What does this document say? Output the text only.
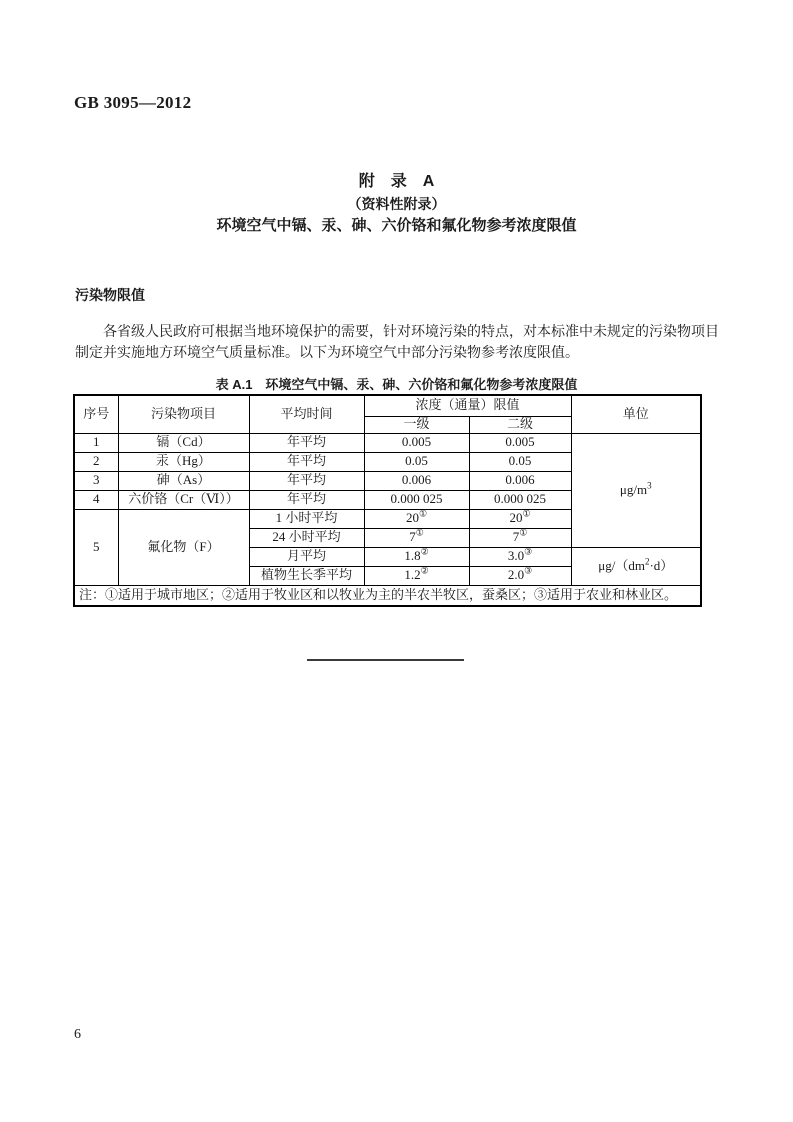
GB 3095—2012
附　录　A
（资料性附录）
环境空气中镉、汞、砷、六价铬和氟化物参考浓度限值
污染物限值
各省级人民政府可根据当地环境保护的需要，针对环境污染的特点，对本标准中未规定的污染物项目制定并实施地方环境空气质量标准。以下为环境空气中部分污染物参考浓度限值。
表 A.1　环境空气中镉、汞、砷、六价铬和氟化物参考浓度限值
序号	污染物项目	平均时间	浓度（通量）限值		单位
			一级	二级	
1	镉（Cd）	年平均	0.005	0.005	$\mu g/m^3$
2	汞（Hg）	年平均	0.05	0.05	
3	砷（As）	年平均	0.006	0.006	
4	六价铬（Cr（Ⅵ））	年平均	0.000 025	0.000 025	
5	氟化物（F）	1 小时平均	20①	20①
		24 小时平均	7①	7①
		月平均	1.8②	3.0③	$\mu g/(dm^2\cdot d)$
		植物生长季平均	1.2②	2.0③
注：①适用于城市地区；②适用于牧业区和以牧业为主的半农半牧区，蚕桑区；③适用于农业和林业区。					
6
